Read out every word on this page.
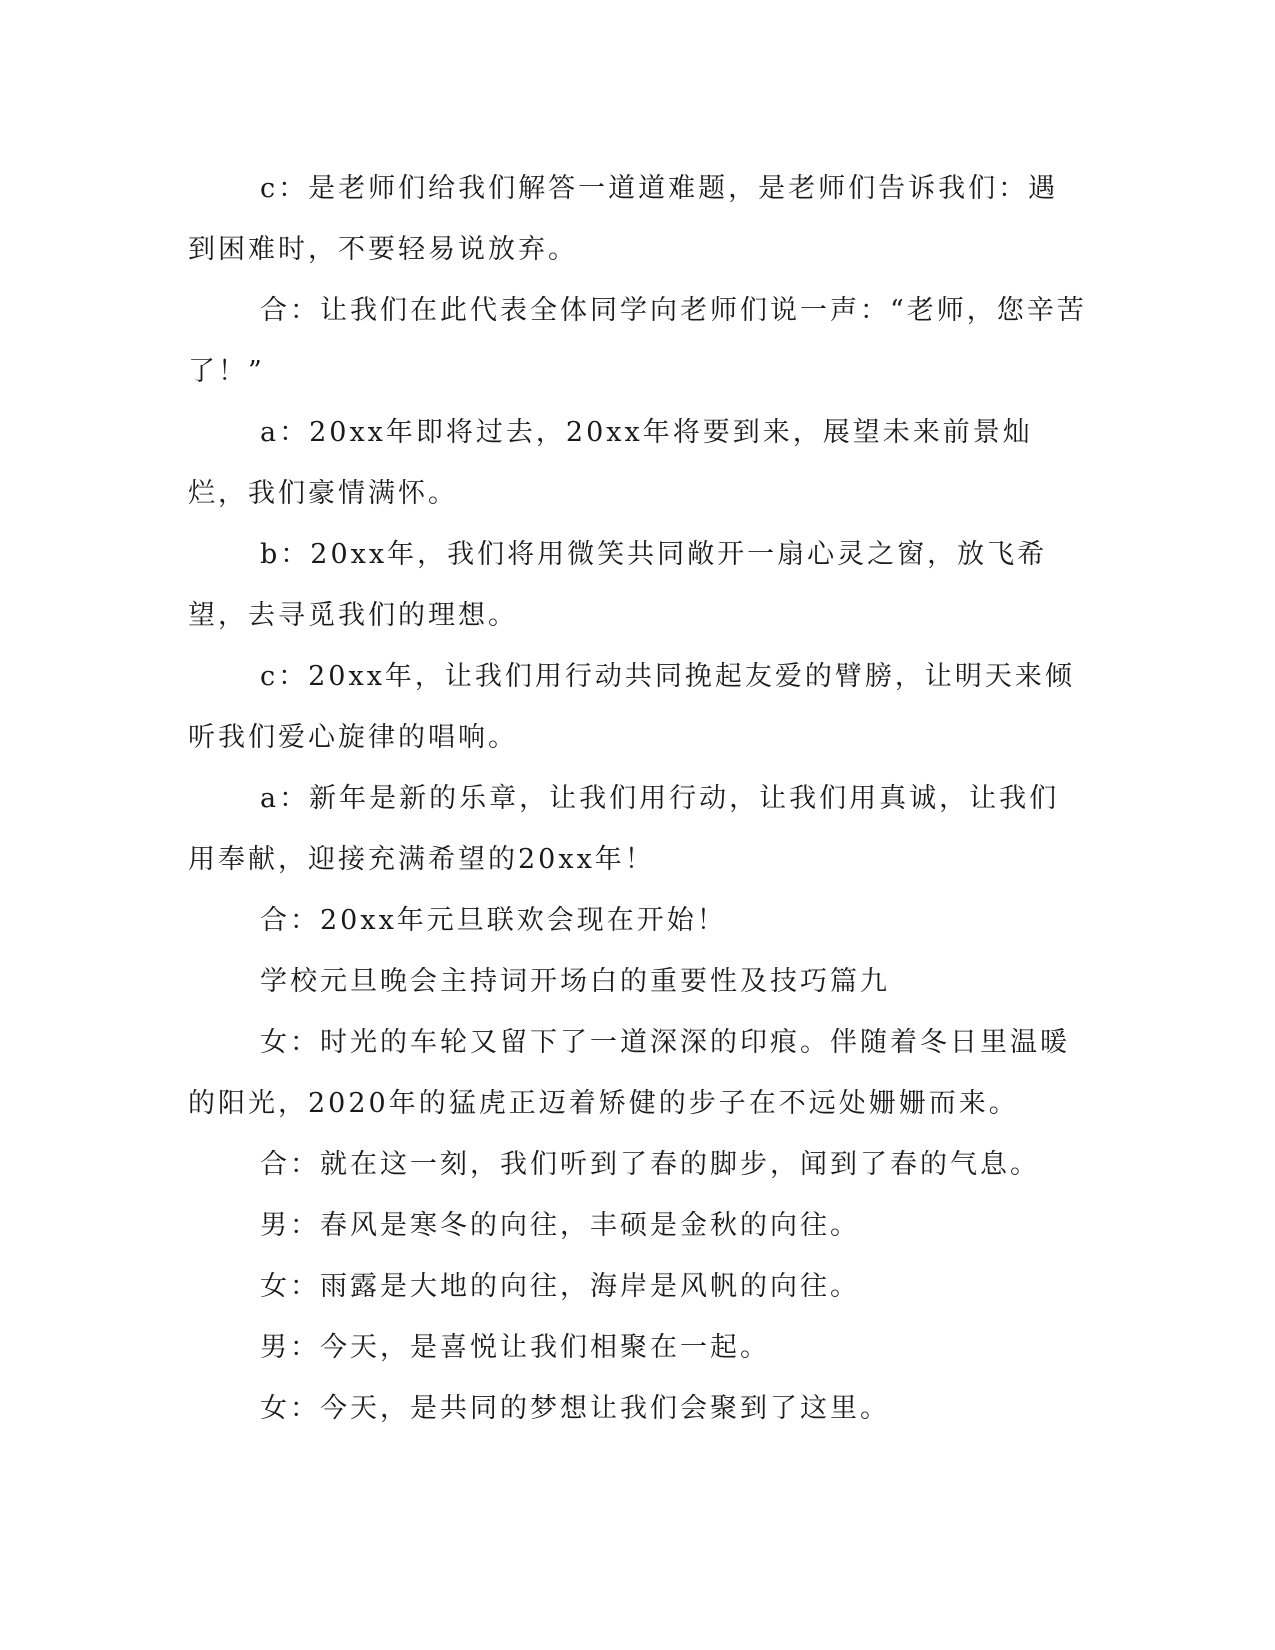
c：是老师们给我们解答一道道难题，是老师们告诉我们：遇到困难时，不要轻易说放弃。

合：让我们在此代表全体同学向老师们说一声：“老师，您辛苦了！”

a：20xx年即将过去，20xx年将要到来，展望未来前景灿烂，我们豪情满怀。

b：20xx年，我们将用微笑共同敞开一扇心灵之窗，放飞希望，去寻觅我们的理想。

c：20xx年，让我们用行动共同挽起友爱的臂膀，让明天来倾听我们爱心旋律的唱响。

a：新年是新的乐章，让我们用行动，让我们用真诚，让我们用奉献，迎接充满希望的20xx年！

合：20xx年元旦联欢会现在开始！

学校元旦晚会主持词开场白的重要性及技巧篇九

女：时光的车轮又留下了一道深深的印痕。伴随着冬日里温暖的阳光，2020年的猛虎正迈着矫健的步子在不远处姗姗而来。

合：就在这一刻，我们听到了春的脚步，闻到了春的气息。

男：春风是寒冬的向往，丰硕是金秋的向往。

女：雨露是大地的向往，海岸是风帆的向往。

男：今天，是喜悦让我们相聚在一起。

女：今天，是共同的梦想让我们会聚到了这里。
